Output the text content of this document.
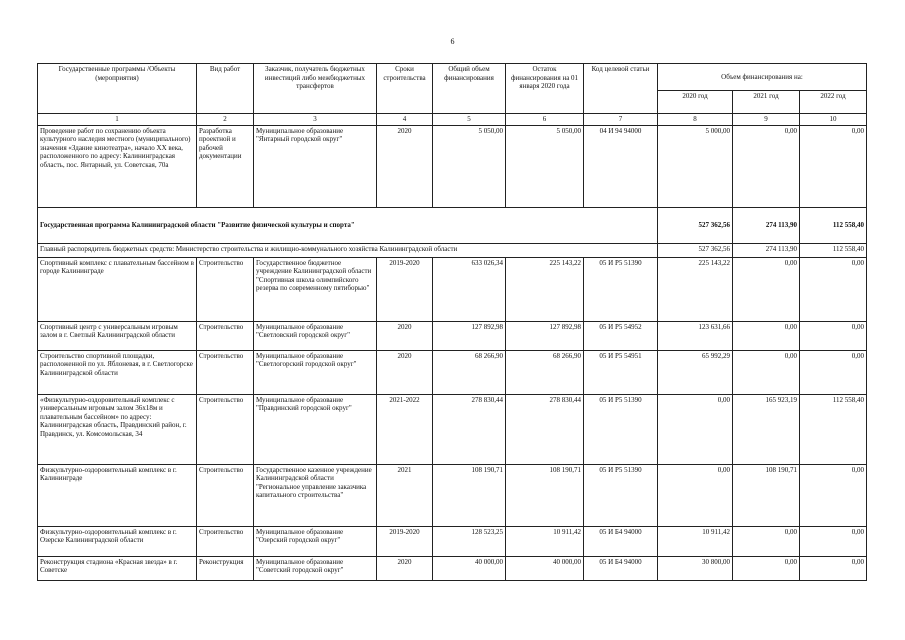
6
Государственные программы /Объекты (мероприятия)	Вид работ	Заказчик, получатель бюджетных инвестиций либо межбюджетных трансфертов	Сроки строительства	Общий объем финансирования	Остаток финансирования на 01 января 2020 года	Код целевой статьи	Объем финансирования на:		
							2020 год	2021 год	2022 год
1	2	3	4	5	6	7	8	9	10
Проведение работ по сохранению объекта культурного наследия местного (муниципального) значения «Здание кинотеатра», начало XX века, расположенного по адресу: Калининградская область, пос. Янтарный, ул. Советская, 70а	Разработка проектной и рабочей документации	Муниципальное образование "Янтарный городской округ"	2020	5 050,00	5 050,00	04 И 94 94000	5 000,00	0,00	0,00
Государственная программа Калининградской области "Развитие физической культуры и спорта"							527 362,56	274 113,90	112 558,40
Главный распорядитель бюджетных средств: Министерство строительства и жилищно-коммунального хозяйства Калининградской области							527 362,56	274 113,90	112 558,40
Спортивный комплекс с плавательным бассейном в городе Калининграде	Строительство	Государственное бюджетное учреждение Калининградской области "Спортивная школа олимпийского резерва по современному пятиборью"	2019-2020	633 026,34	225 143,22	05 И Р5 51390	225 143,22	0,00	0,00
Спортивный центр с универсальным игровым залом в г. Светлый Калининградской области	Строительство	Муниципальное образование "Светловский городской округ"	2020	127 892,98	127 892,98	05 И Р5 54952	123 631,66	0,00	0,00
Строительство спортивной площадки, расположенной по ул. Яблоневая, в г. Светлогорске Калининградской области	Строительство	Муниципальное образование "Светлогорский городской округ"	2020	68 266,90	68 266,90	05 И Р5 54951	65 992,29	0,00	0,00
«Физкультурно-оздоровительный комплекс с универсальным игровым залом 36х18м и плавательным бассейном» по адресу: Калининградская область, Правдинский район, г. Правдинск, ул. Комсомольская, 34	Строительство	Муниципальное образование "Правдинский городской округ"	2021-2022	278 830,44	278 830,44	05 И Р5 51390	0,00	165 923,19	112 558,40
Физкультурно-оздоровительный комплекс в г. Калининграде	Строительство	Государственное казенное учреждение Калининградской области "Региональное управление заказчика капитального строительства"	2021	108 190,71	108 190,71	05 И Р5 51390	0,00	108 190,71	0,00
Физкультурно-оздоровительный комплекс в г. Озерске Калининградской области	Строительство	Муниципальное образование "Озерский городской округ"	2019-2020	128 523,25	10 911,42	05 И Б4 94000	10 911,42	0,00	0,00
Реконструкция стадиона «Красная звезда» в г. Советске	Реконструкция	Муниципальное образование "Советский городской округ"	2020	40 000,00	40 000,00	05 И Б4 94000	30 800,00	0,00	0,00
